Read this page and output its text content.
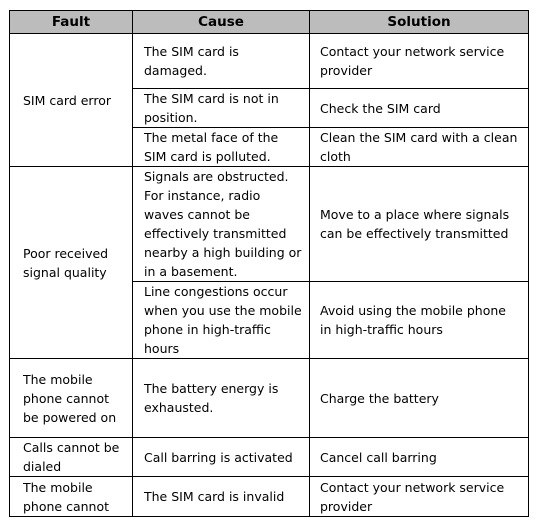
Fault	Cause	Solution
SIM card error	The SIM card is damaged.	Contact your network service provider
	The SIM card is not in position.	Check the SIM card
	The metal face of the SIM card is polluted.	Clean the SIM card with a clean cloth
Poor received signal quality	Signals are obstructed. For instance, radio waves cannot be effectively transmitted nearby a high building or in a basement.	Move to a place where signals can be effectively transmitted
	Line congestions occur when you use the mobile phone in high-traffic hours	Avoid using the mobile phone in high-traffic hours
The mobile phone cannot be powered on	The battery energy is exhausted.	Charge the battery
Calls cannot be dialed	Call barring is activated	Cancel call barring
The mobile phone cannot	The SIM card is invalid	Contact your network service provider
